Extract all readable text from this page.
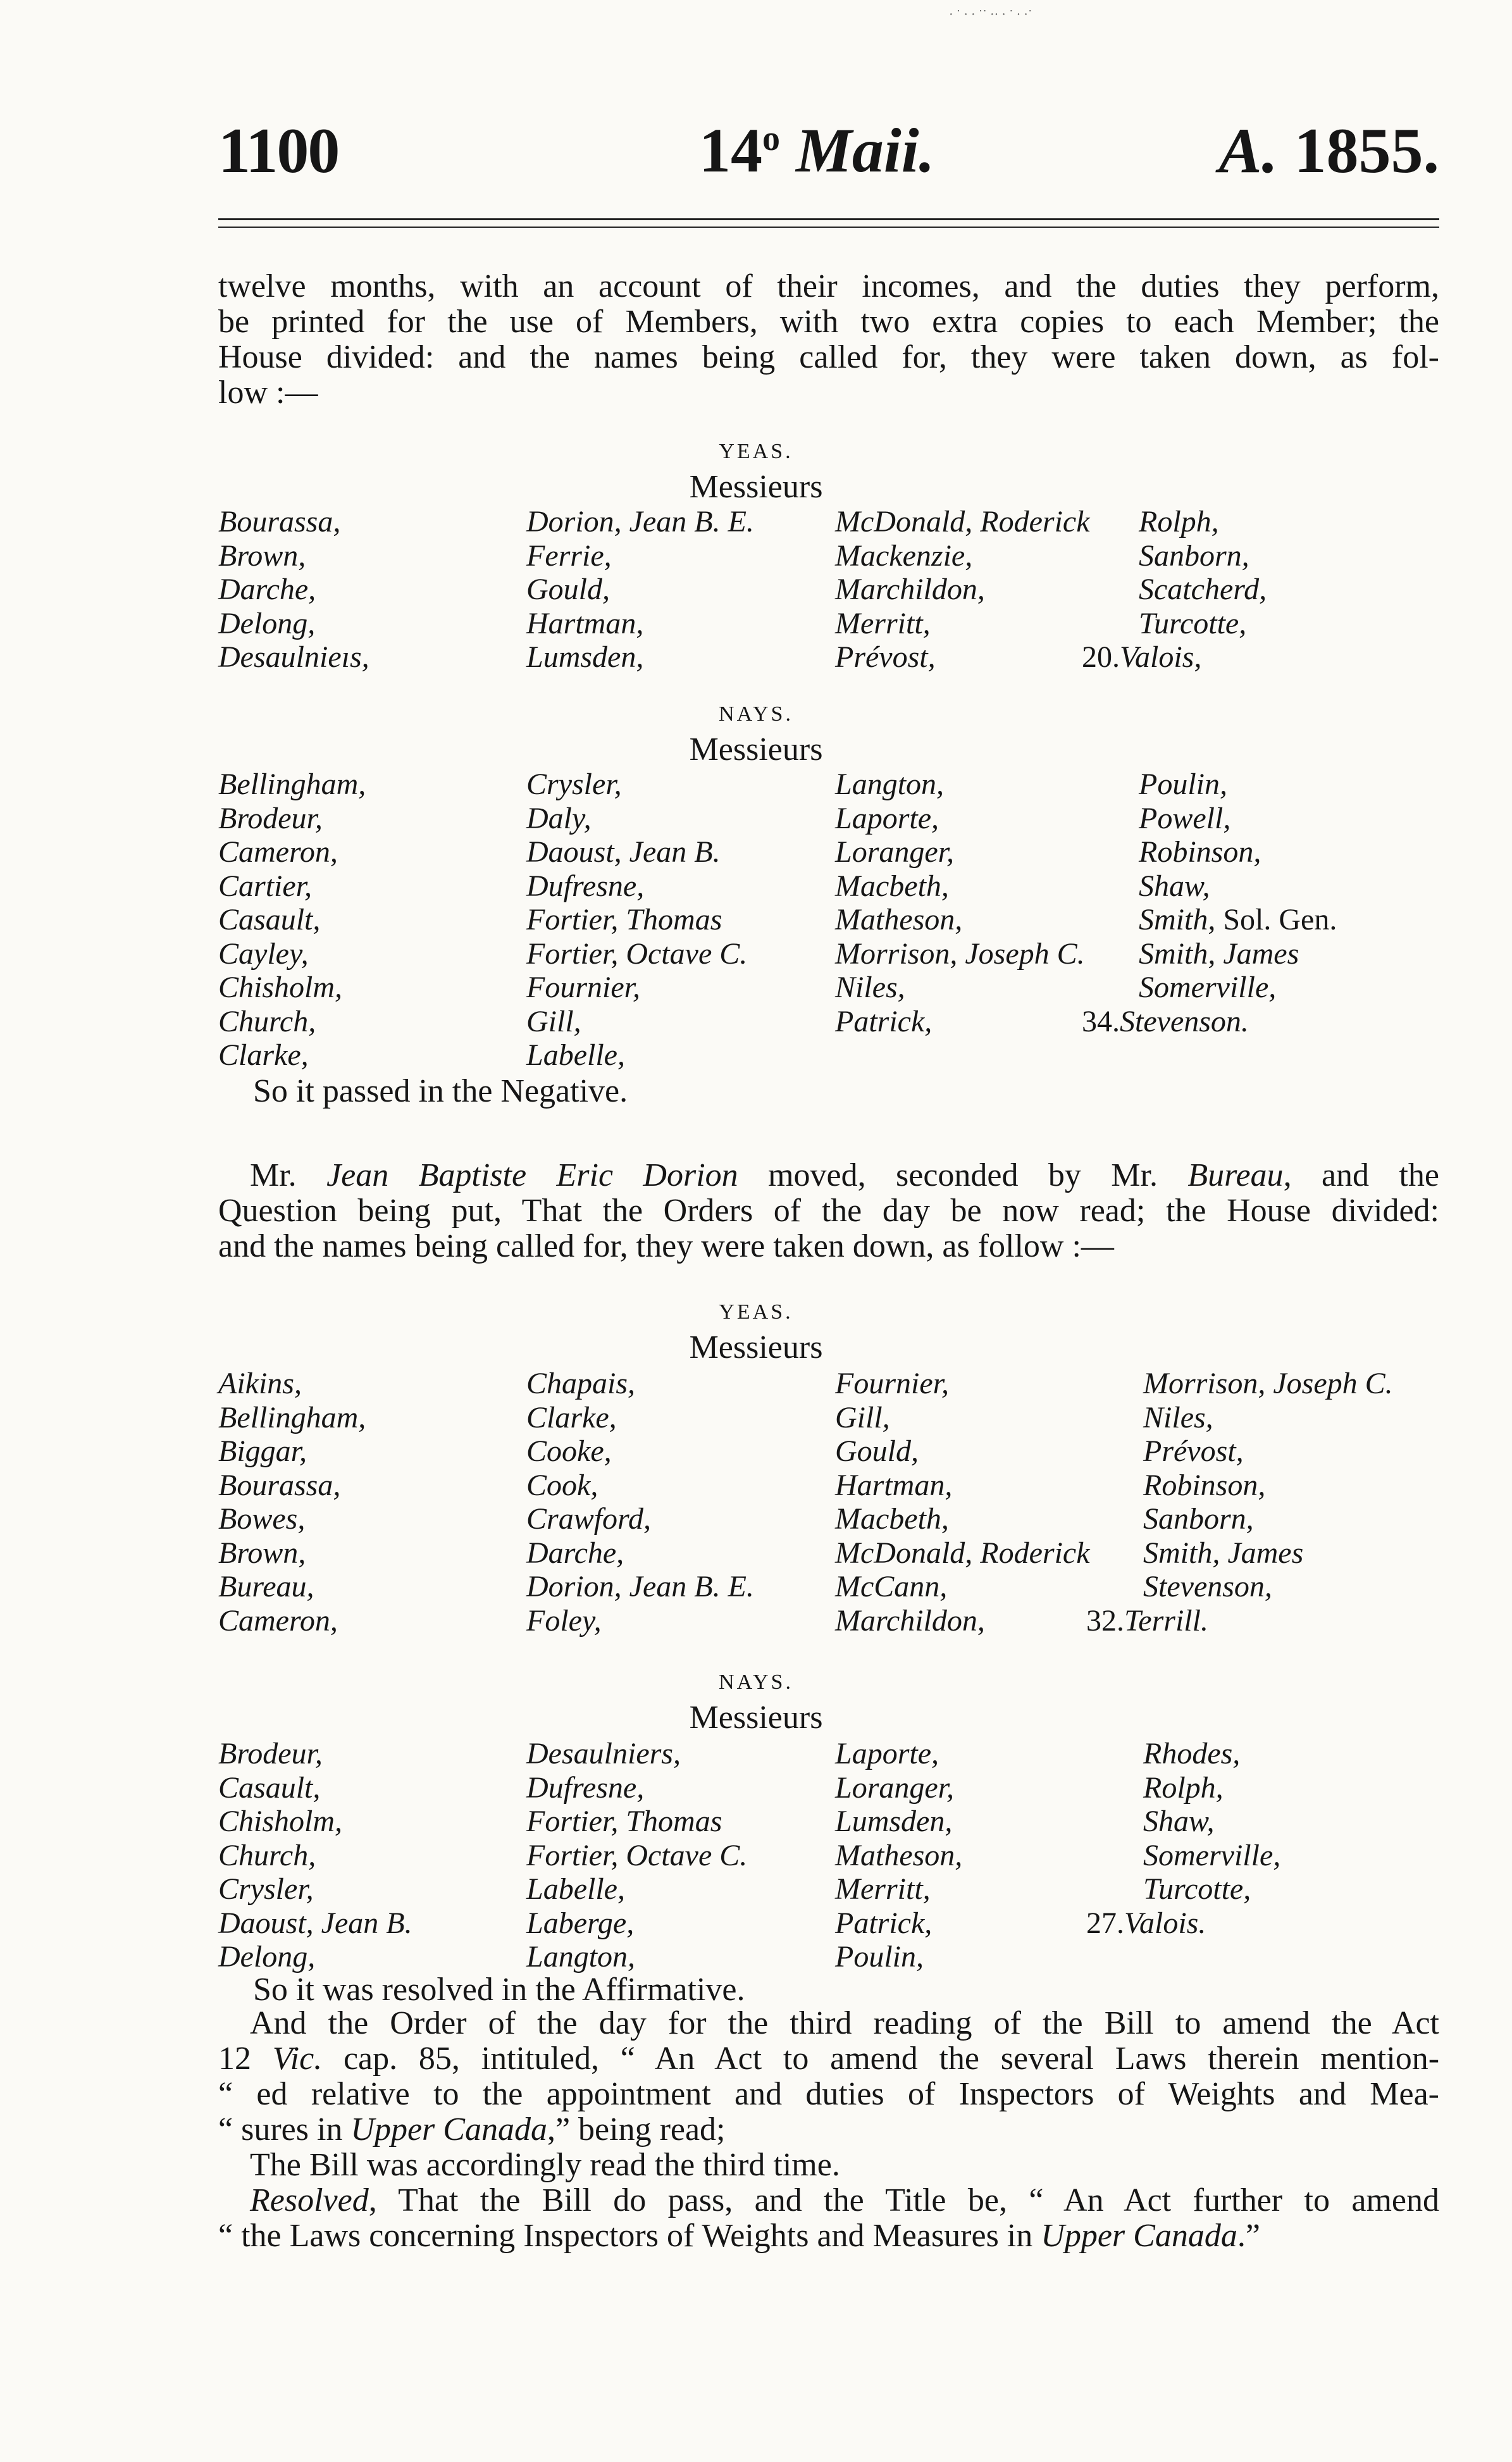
1100	14$^o$ Maii.	A. 1855.

twelve months, with an account of their incomes, and the duties they perform,

be printed for the use of Members, with two extra copies to each Member; the

House divided: and the names being called for, they were taken down, as fol-

low :—

YEAS.
Messieurs
Bourassa,
Brown,
Darche,
Delong,
Desaulnieıs,
Dorion, Jean B. E.
Ferrie,
Gould,
Hartman,
Lumsden,
McDonald, Roderick
Mackenzie,
Marchildon,
Merritt,
Prévost,
Rolph,
Sanborn,
Scatcherd,
Turcotte,
20.Valois,
NAYS.
Messieurs
Bellingham,
Brodeur,
Cameron,
Cartier,
Casault,
Cayley,
Chisholm,
Church,
Clarke,
Crysler,
Daly,
Daoust, Jean B.
Dufresne,
Fortier, Thomas
Fortier, Octave C.
Fournier,
Gill,
Labelle,
Langton,
Laporte,
Loranger,
Macbeth,
Matheson,
Morrison, Joseph C.
Niles,
Patrick,
Poulin,
Powell,
Robinson,
Shaw,
Smith, Sol. Gen.
Smith, James
Somerville,
34.Stevenson.
So it passed in the Negative.

Mr. Jean Baptiste Eric Dorion moved, seconded by Mr. Bureau, and the

Question being put, That the Orders of the day be now read; the House divided:

and the names being called for, they were taken down, as follow :—

YEAS.
Messieurs
Aikins,
Bellingham,
Biggar,
Bourassa,
Bowes,
Brown,
Bureau,
Cameron,
Chapais,
Clarke,
Cooke,
Cook,
Crawford,
Darche,
Dorion, Jean B. E.
Foley,
Fournier,
Gill,
Gould,
Hartman,
Macbeth,
McDonald, Roderick
McCann,
Marchildon,
Morrison, Joseph C.
Niles,
Prévost,
Robinson,
Sanborn,
Smith, James
Stevenson,
32.Terrill.
NAYS.
Messieurs
Brodeur,
Casault,
Chisholm,
Church,
Crysler,
Daoust, Jean B.
Delong,
Desaulniers,
Dufresne,
Fortier, Thomas
Fortier, Octave C.
Labelle,
Laberge,
Langton,
Laporte,
Loranger,
Lumsden,
Matheson,
Merritt,
Patrick,
Poulin,
Rhodes,
Rolph,
Shaw,
Somerville,
Turcotte,
27.Valois.
So it was resolved in the Affirmative.

And the Order of the day for the third reading of the Bill to amend the Act

12 Vic. cap. 85, intituled, “ An Act to amend the several Laws therein mention-

“ ed relative to the appointment and duties of Inspectors of Weights and Mea-

“ sures in Upper Canada,” being read;

The Bill was accordingly read the third time.

Resolved, That the Bill do pass, and the Title be, “ An Act further to amend

“ the Laws concerning Inspectors of Weights and Measures in Upper Canada.”

· ˙ · · ˙˙ ·· · ˙ · ·˙
